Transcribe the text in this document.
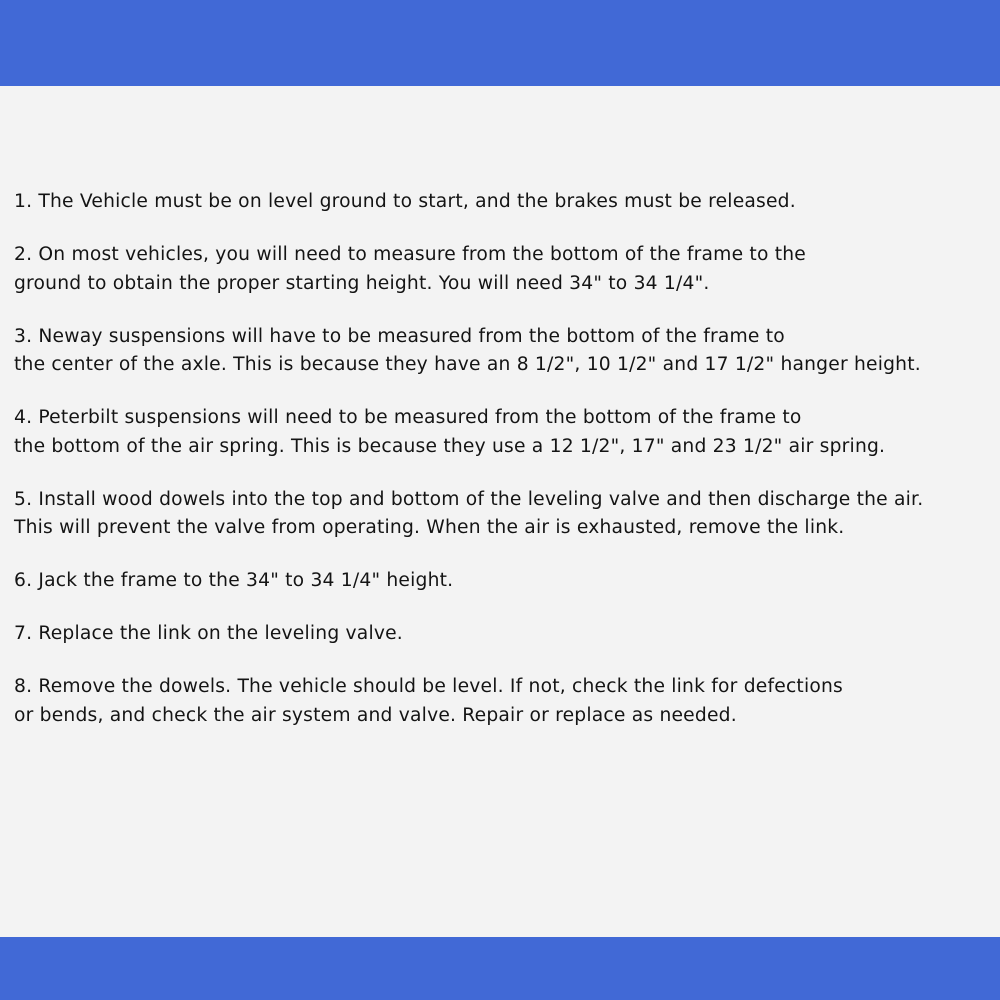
1. The Vehicle must be on level ground to start, and the brakes must be released.
2. On most vehicles, you will need to measure from the bottom of the frame to the
ground to obtain the proper starting height. You will need 34" to 34 1/4".
3. Neway suspensions will have to be measured from the bottom of the frame to
the center of the axle. This is because they have an 8 1/2", 10 1/2" and 17 1/2" hanger height.
4. Peterbilt suspensions will need to be measured from the bottom of the frame to
the bottom of the air spring. This is because they use a 12 1/2", 17" and 23 1/2" air spring.
5. Install wood dowels into the top and bottom of the leveling valve and then discharge the air.
This will prevent the valve from operating. When the air is exhausted, remove the link.
6. Jack the frame to the 34" to 34 1/4" height.
7. Replace the link on the leveling valve.
8. Remove the dowels. The vehicle should be level. If not, check the link for defections
or bends, and check the air system and valve. Repair or replace as needed.
